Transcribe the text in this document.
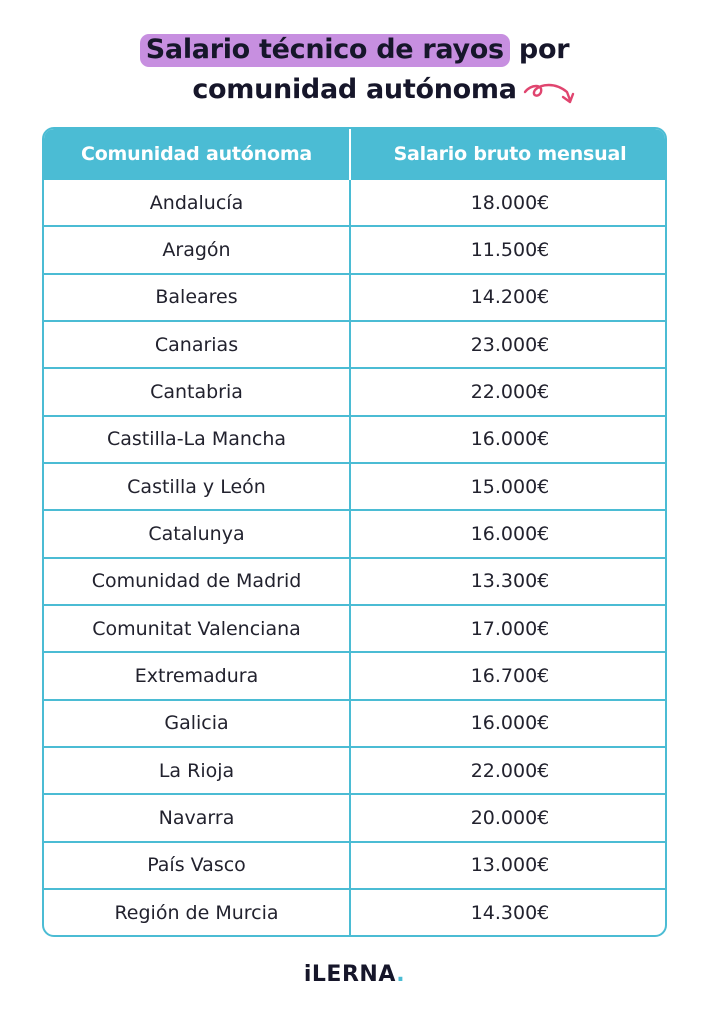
Salario técnico de rayos por
comunidad autónoma
Comunidad autónoma	Salario bruto mensual
Andalucía	18.000€
Aragón	11.500€
Baleares	14.200€
Canarias	23.000€
Cantabria	22.000€
Castilla-La Mancha	16.000€
Castilla y León	15.000€
Catalunya	16.000€
Comunidad de Madrid	13.300€
Comunitat Valenciana	17.000€
Extremadura	16.700€
Galicia	16.000€
La Rioja	22.000€
Navarra	20.000€
País Vasco	13.000€
Región de Murcia	14.300€
iLERNA.
